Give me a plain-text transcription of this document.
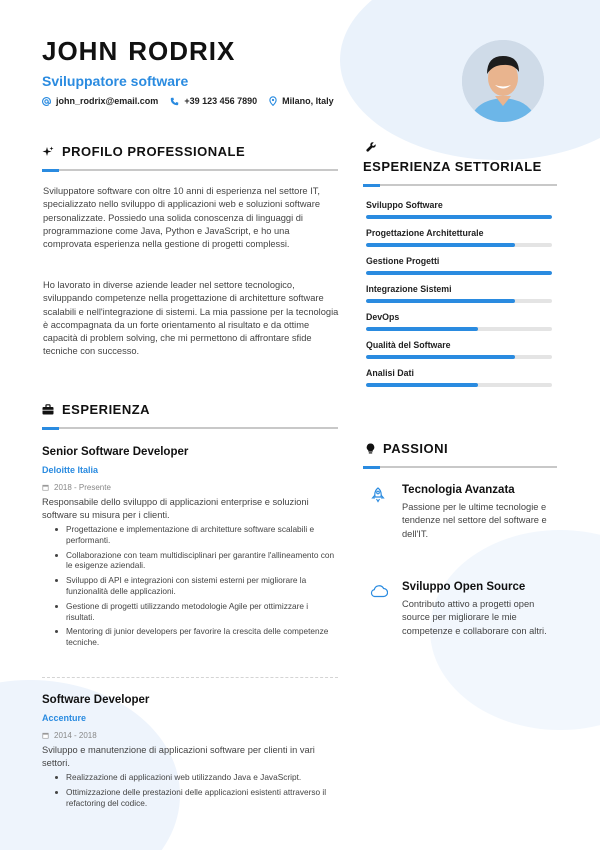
JOHN RODRIX
Sviluppatore software
john_rodrix@email.com	+39 123 456 7890	Milano, Italy
PROFILO PROFESSIONALE
Sviluppatore software con oltre 10 anni di esperienza nel settore IT, specializzato nello sviluppo di applicazioni web e soluzioni software personalizzate. Possiedo una solida conoscenza di linguaggi di programmazione come Java, Python e JavaScript, e ho una comprovata esperienza nella gestione di progetti complessi.
Ho lavorato in diverse aziende leader nel settore tecnologico, sviluppando competenze nella progettazione di architetture software scalabili e nell'integrazione di sistemi. La mia passione per la tecnologia è accompagnata da un forte orientamento al risultato e da ottime capacità di problem solving, che mi permettono di affrontare sfide tecniche con successo.
ESPERIENZA
Senior Software Developer
Deloitte Italia
2018 - Presente
Responsabile dello sviluppo di applicazioni enterprise e soluzioni software su misura per i clienti.
Progettazione e implementazione di architetture software scalabili e performanti.
Collaborazione con team multidisciplinari per garantire l'allineamento con le esigenze aziendali.
Sviluppo di API e integrazioni con sistemi esterni per migliorare la funzionalità delle applicazioni.
Gestione di progetti utilizzando metodologie Agile per ottimizzare i risultati.
Mentoring di junior developers per favorire la crescita delle competenze tecniche.
Software Developer
Accenture
2014 - 2018
Sviluppo e manutenzione di applicazioni software per clienti in vari settori.
Realizzazione di applicazioni web utilizzando Java e JavaScript.
Ottimizzazione delle prestazioni delle applicazioni esistenti attraverso il refactoring del codice.
ESPERIENZA SETTORIALE
Sviluppo Software
Progettazione Architetturale
Gestione Progetti
Integrazione Sistemi
DevOps
Qualità del Software
Analisi Dati
PASSIONI
Tecnologia Avanzata
Passione per le ultime tecnologie e tendenze nel settore del software e dell'IT.
Sviluppo Open Source
Contributo attivo a progetti open source per migliorare le mie competenze e collaborare con altri.
